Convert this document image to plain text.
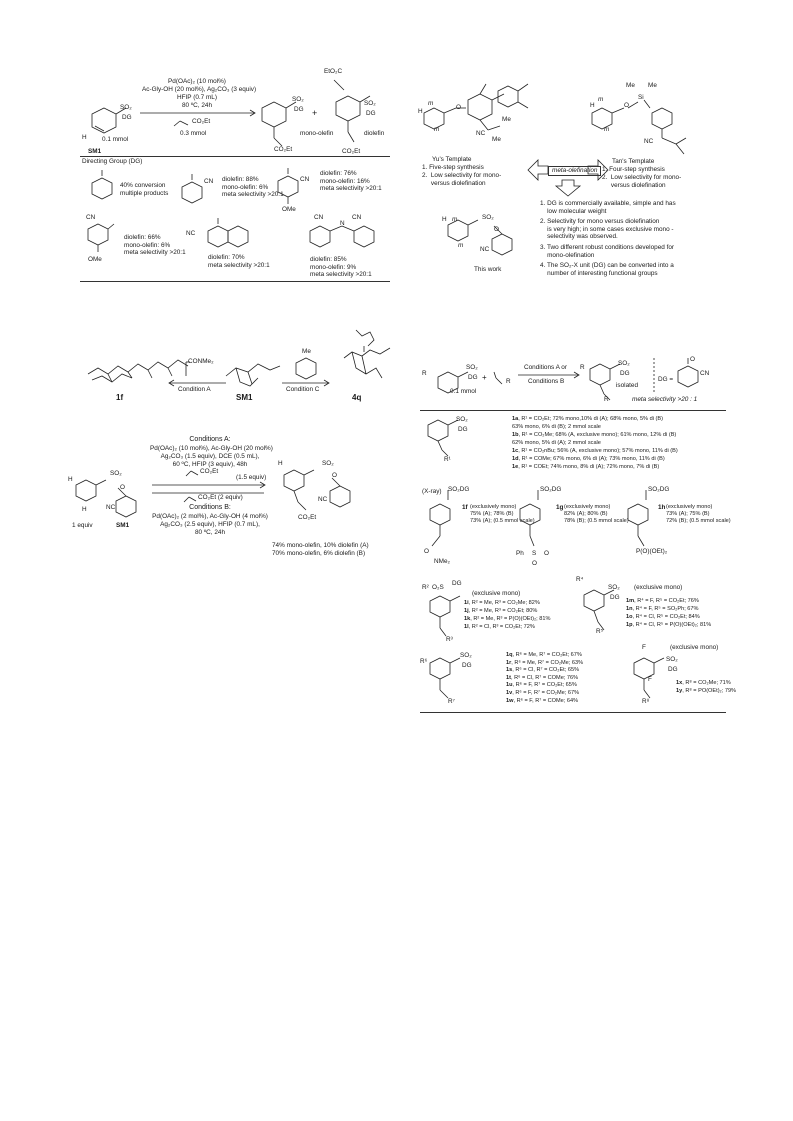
SO₂
DG
H 0.1 mmol
SM1
Pd(OAc)₂ (10 mol%)
Ac-Gly-OH (20 mol%), Ag₂CO₃ (3 equiv)
HFIP (0.7 mL)
80 ºC, 24h
CO₂Et
0.3 mmol
SO₂
DG
CO₂Et
+
mono-olefin
EtO₂C
SO₂
DG
diolefin
CO₂Et
Directing Group (DG)
40% conversion
multiple products
CN diolefin: 88%
mono-olefin: 6%
meta selectivity >20:1
CN
OMe
diolefin: 76%
mono-olefin: 16%
meta selectivity >20:1
CN
OMe
diolefin: 66%
mono-olefin: 6%
meta selectivity >20:1
NC
diolefin: 70%
meta selectivity >20:1
CN
N
CN
diolefin: 85%
mono-olefin: 9%
meta selectivity >20:1
H
m
m
O
NC
Me
Me
Yu's Template
1. Five-step synthesis
2.  Low selectivity for mono-
versus diolefination
H
m
m
O
Si
Me Me
NC
Tan's Template
1. Four-step synthesis
2.  Low selectivity for mono-
versus diolefination
meta-olefination
H m
m
SO₂
O
NC
This work
1. DG is commercially available, simple and has
low molecular weight
2. Selectivity for mono versus diolefination
is very high; in some cases exclusive mono -
selectivity was observed.
3. Two different robust conditions developed for
mono-olefination
4. The SO₂-X unit (DG) can be converted into a
number of interesting functional groups
1f
Condition A
CONMe₂
SM1
Condition C
Me
4q
H
H
SO₂
O
NC
1 equiv	SM1
Conditions A:
Pd(OAc)₂ (10 mol%), Ac-Gly-OH (20 mol%)
Ag₂CO₃ (1.5 equiv), DCE (0.5 mL),
60 ºC, HFIP (3 equiv), 48h
CO₂Et
(1.5 equiv)
CO₂Et (2 equiv)
Conditions B:
Pd(OAc)₂ (2 mol%), Ac-Gly-OH (4 mol%)
Ag₂CO₃ (2.5 equiv), HFIP (0.7 mL),
80 ºC, 24h
H	SO₂
O
NC
CO₂Et
74% mono-olefin, 10% diolefin (A)
70% mono-olefin, 6% diolefin (B)
R
SO₂
DG +	R
0.1 mmol
Conditions A or
Conditions B
R
SO₂
DG
R
isolated
DG =
O
CN
meta selectivity >20 : 1
SO₂
DG
R¹
1a, R¹ = CO₂Et; 72% mono,10% di (A); 68% mono, 5% di (B)
63% mono, 6% di (B); 2 mmol scale
1b, R¹ = CO₂Me; 68% (A, exclusive mono); 61% mono, 12% di (B)
62% mono, 5% di (A); 2 mmol scale
1c, R¹ = CO₂nBu; 56% (A, exclusive mono); 57% mono, 11% di (B)
1d, R¹ = COMe; 67% mono, 6% di (A); 73% mono, 11% di (B)
1e, R¹ = COEt; 74% mono, 8% di (A); 72% mono, 7% di (B)
(X-ray) SO₂DG
O
NMe₂
1f (exclusively mono)
75% (A); 78% (B)
73% (A); (0.5 mmol scale)
SO₂DG
Ph S O
O
1g (exclusively mono)
82% (A); 80% (B)
78% (B); (0.5 mmol scale)
SO₂DG
P(O)(OEt)₂
1h (exclusively mono)
73% (A); 75% (B)
72% (B); (0.5 mmol scale)
R² O₂S
DG
R³
(exclusive mono)
1i, R² = Me, R³ = CO₂Me; 82%
1j, R² = Me, R³ = CO₂Et; 80%
1k, R² = Me, R³ = P(O)(OEt)₂; 81%
1l, R² = Cl, R³ = CO₂Et; 72%
R⁴
SO₂
DG
R⁵
(exclusive mono)
1m, R⁴ = F, R⁵ = CO₂Et; 76%
1n, R⁴ = F, R⁵ = SO₂Ph; 67%
1o, R⁴ = Cl, R⁵ = CO₂Et; 84%
1p, R⁴ = Cl, R⁵ = P(O)(OEt)₂; 81%
R⁶
SO₂
DG
R⁷
1q, R⁶ = Me, R⁷ = CO₂Et; 67%
1r, R⁶ = Me, R⁷ = CO₂Me; 63%
1s, R⁶ = Cl, R⁷ = CO₂Et; 65%
1t, R⁶ = Cl, R⁷ = COMe; 76%
1u, R⁶ = F, R⁷ = CO₂Et; 65%
1v, R⁶ = F, R⁷ = CO₂Me; 67%
1w, R⁶ = F, R⁷ = COMe; 64%
F
F
SO₂
DG
R⁸
(exclusive mono)
1x, R⁸ = CO₂Me; 71%
1y, R⁸ = PO(OEt)₂; 79%
